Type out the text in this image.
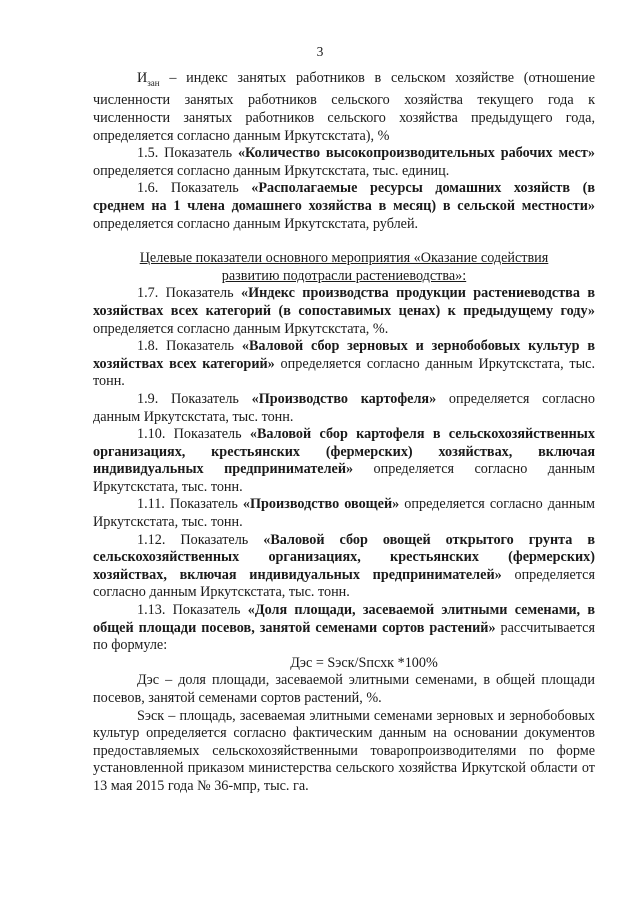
3

$И_{зан}$ – индекс занятых работников в сельском хозяйстве (отношение численности занятых работников сельского хозяйства текущего года к численности занятых работников сельского хозяйства предыдущего года, определяется согласно данным Иркутскстата), %

1.5. Показатель «Количество высокопроизводительных рабочих мест» определяется согласно данным Иркутскстата, тыс. единиц.

1.6. Показатель «Располагаемые ресурсы домашних хозяйств (в среднем на 1 члена домашнего хозяйства в месяц) в сельской местности» определяется согласно данным Иркутскстата, рублей.

Целевые показатели основного мероприятия «Оказание содействия

развитию подотрасли растениеводства»:

1.7. Показатель «Индекс производства продукции растениеводства в хозяйствах всех категорий (в сопоставимых ценах) к предыдущему году» определяется согласно данным Иркутскстата, %.

1.8. Показатель «Валовой сбор зерновых и зернобобовых культур в хозяйствах всех категорий» определяется согласно данным Иркутскстата, тыс. тонн.

1.9. Показатель «Производство картофеля» определяется согласно данным Иркутскстата, тыс. тонн.

1.10. Показатель «Валовой сбор картофеля в сельскохозяйственных организациях, крестьянских (фермерских) хозяйствах, включая индивидуальных предпринимателей» определяется согласно данным Иркутскстата, тыс. тонн.

1.11. Показатель «Производство овощей» определяется согласно данным Иркутскстата, тыс. тонн.

1.12. Показатель «Валовой сбор овощей открытого грунта в сельскохозяйственных организациях, крестьянских (фермерских) хозяйствах, включая индивидуальных предпринимателей» определяется согласно данным Иркутскстата, тыс. тонн.

1.13. Показатель «Доля площади, засеваемой элитными семенами, в общей площади посевов, занятой семенами сортов растений» рассчитывается по формуле:

Дэс = Sэск/Sпсхк *100%

Дэс – доля площади, засеваемой элитными семенами, в общей площади посевов, занятой семенами сортов растений, %.

Sэск – площадь, засеваемая элитными семенами зерновых и зернобобовых культур определяется согласно фактическим данным на основании документов предоставляемых сельскохозяйственными товаропроизводителями по форме установленной приказом министерства сельского хозяйства Иркутской области от 13 мая 2015 года № 36-мпр, тыс. га.
